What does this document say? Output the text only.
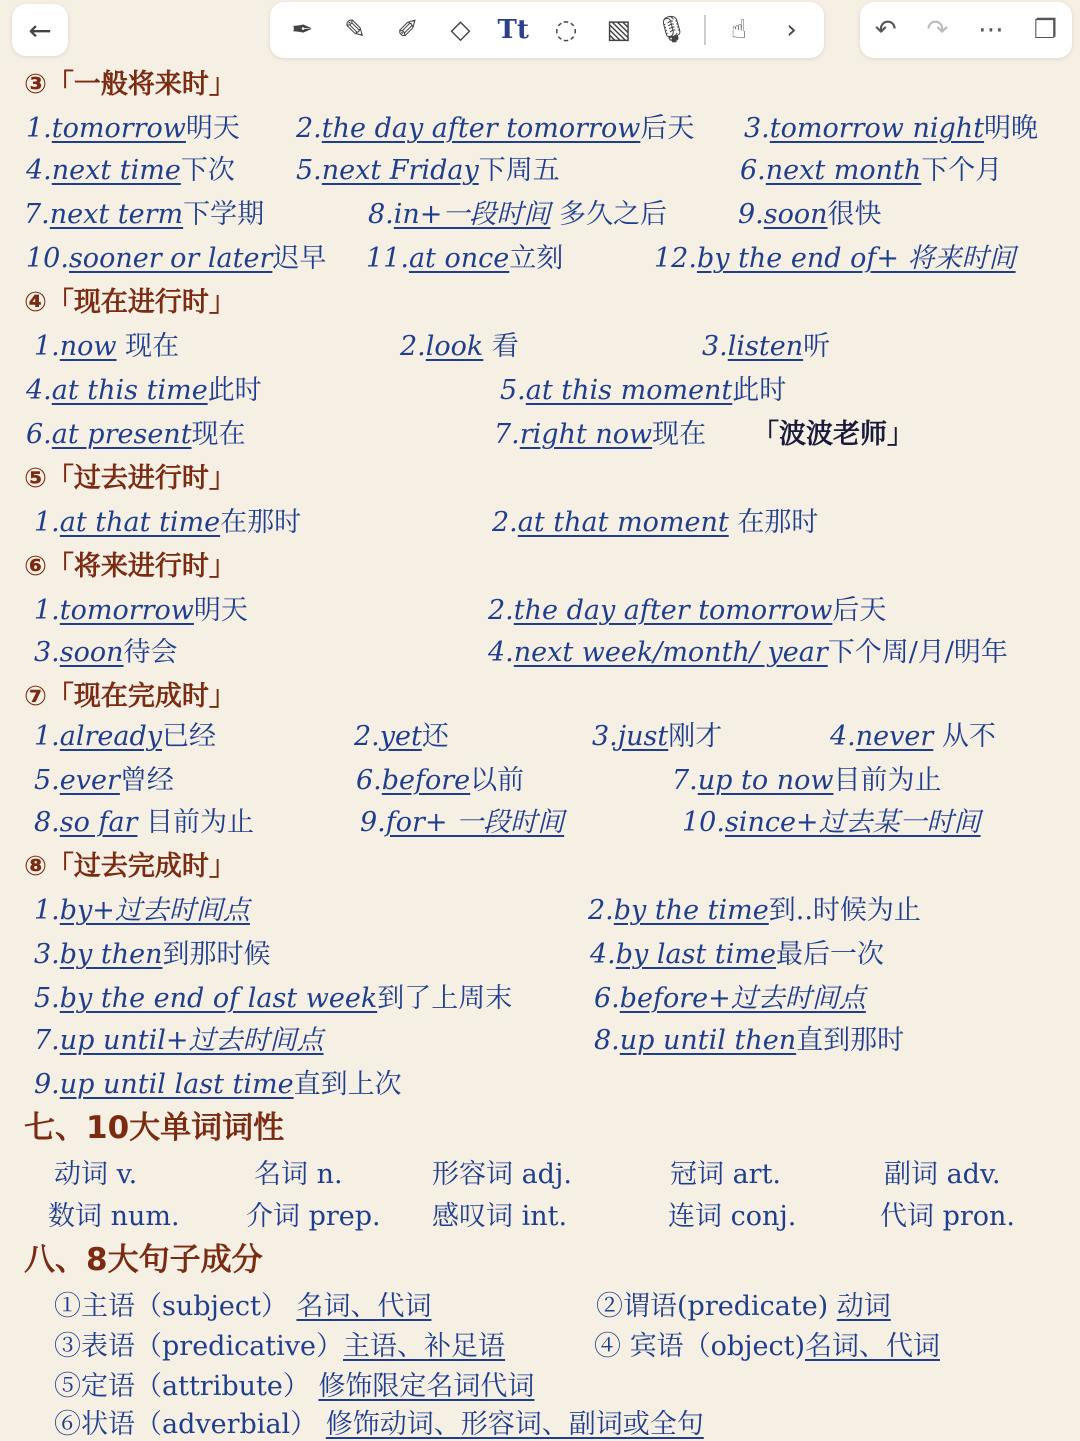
←	✒	✎	✐	◇	Tt ◌	▧ 🎙	☝	›	↶ ↷ ⋯ ❐
③「一般将来时」
1.tomorrow明天 2.the day after tomorrow后天 3.tomorrow night明晚
4.next time下次 5.next Friday下周五	6.next month下个月
7.next term下学期	8.in+一段时间 多久之后	9.soon很快
10.sooner or later迟早 11.at once立刻	12.by the end of+ 将来时间
④「现在进行时」
1.now 现在	2.look 看	3.listen听
4.at this time此时	5.at this moment此时
6.at present现在	7.right now现在 「波波老师」
⑤「过去进行时」
1.at that time在那时	2.at that moment 在那时
⑥「将来进行时」
1.tomorrow明天	2.the day after tomorrow后天
3.soon待会	4.next week/month/ year下个周/月/明年
⑦「现在完成时」
1.already已经	2.yet还	3.just刚才	4.never 从不
5.ever曾经	6.before以前	7.up to now目前为止
8.so far 目前为止	9.for+ 一段时间	10.since+过去某一时间
⑧「过去完成时」
1.by+过去时间点	2.by the time到..时候为止
3.by then到那时候	4.by last time最后一次
5.by the end of last week到了上周末	6.before+过去时间点
7.up until+过去时间点	8.up until then直到那时
9.up until last time直到上次
七、10大单词词性
动词 v.	名词 n.	形容词 adj.	冠词 art.	副词 adv.
数词 num. 介词 prep. 感叹词 int.	连词 conj.	代词 pron.
八、8大句子成分
①主语（subject） 名词、代词	②谓语(predicate) 动词
③表语（predicative）主语、补足语	④ 宾语（object)名词、代词
⑤定语（attribute） 修饰限定名词代词
⑥状语（adverbial） 修饰动词、形容词、副词或全句
